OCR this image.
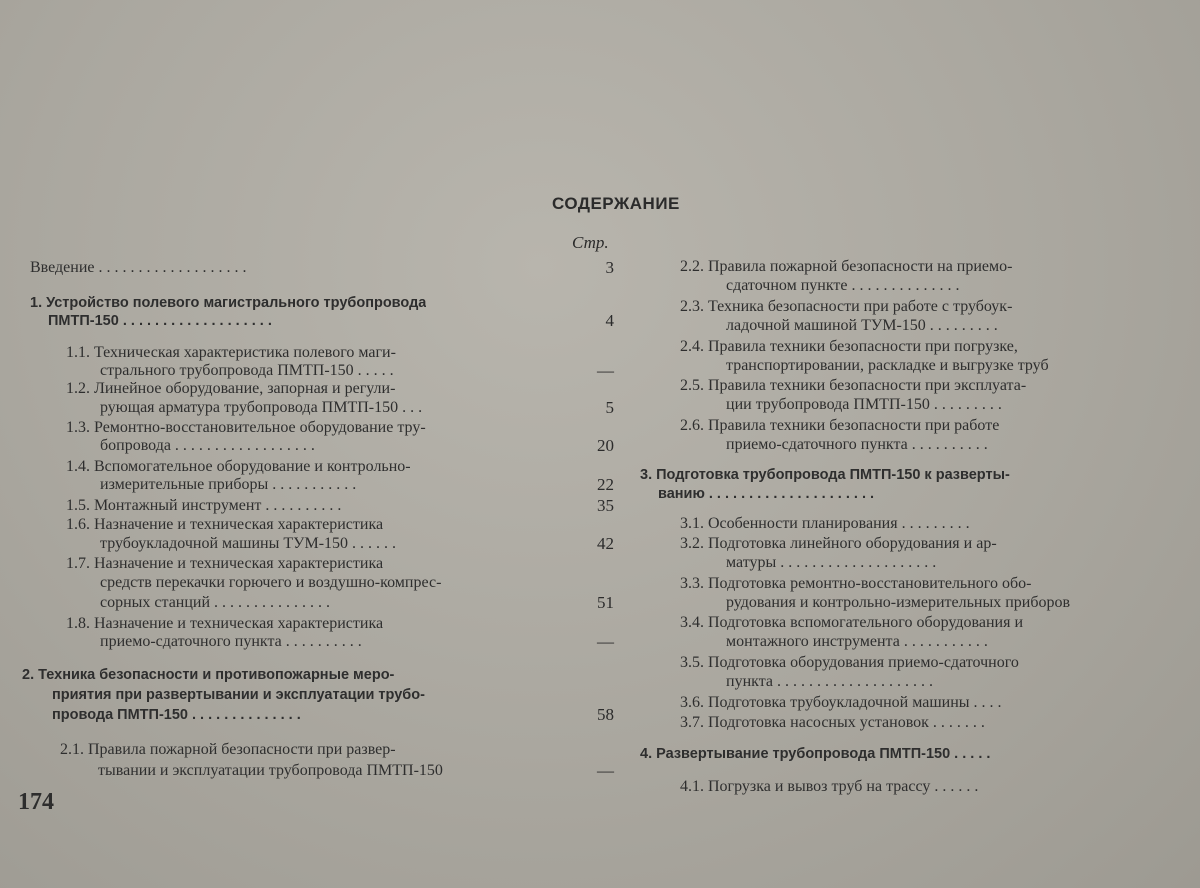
СОДЕРЖАНИЕ
Стр.
Введение . . . . . . . . . . . . . . . . . . .	3
1. Устройство полевого магистрального трубопровода
ПМТП-150 . . . . . . . . . . . . . . . . . . .	4
1.1. Техническая характеристика полевого маги-
стрального трубопровода ПМТП-150 . . . . .	—
1.2. Линейное оборудование, запорная и регули-
рующая арматура трубопровода ПМТП-150 . . .	5
1.3. Ремонтно-восстановительное оборудование тру-
бопровода . . . . . . . . . . . . . . . . . .	20
1.4. Вспомогательное оборудование и контрольно-
измерительные приборы . . . . . . . . . . .	22
1.5. Монтажный инструмент . . . . . . . . . .	35
1.6. Назначение и техническая характеристика
трубоукладочной машины ТУМ-150 . . . . . .	42
1.7. Назначение и техническая характеристика
средств перекачки горючего и воздушно-компрес-
сорных станций . . . . . . . . . . . . . . .	51
1.8. Назначение и техническая характеристика
приемо-сдаточного пункта . . . . . . . . . .	—
2. Техника безопасности и противопожарные меро-
приятия при развертывании и эксплуатации трубо-
провода ПМТП-150 . . . . . . . . . . . . . .	58
2.1. Правила пожарной безопасности при развер-
тывании и эксплуатации трубопровода ПМТП-150	—
2.2. Правила пожарной безопасности на приемо-
сдаточном пункте . . . . . . . . . . . . . .
2.3. Техника безопасности при работе с трубоук-
ладочной машиной ТУМ-150 . . . . . . . . .
2.4. Правила техники безопасности при погрузке,
транспортировании, раскладке и выгрузке труб
2.5. Правила техники безопасности при эксплуата-
ции трубопровода ПМТП-150 . . . . . . . . .
2.6. Правила техники безопасности при работе
приемо-сдаточного пункта . . . . . . . . . .
3. Подготовка трубопровода ПМТП-150 к разверты-
ванию . . . . . . . . . . . . . . . . . . . . .
3.1. Особенности планирования . . . . . . . . .
3.2. Подготовка линейного оборудования и ар-
матуры . . . . . . . . . . . . . . . . . . . .
3.3. Подготовка ремонтно-восстановительного обо-
рудования и контрольно-измерительных приборов
3.4. Подготовка вспомогательного оборудования и
монтажного инструмента . . . . . . . . . . .
3.5. Подготовка оборудования приемо-сдаточного
пункта . . . . . . . . . . . . . . . . . . . .
3.6. Подготовка трубоукладочной машины . . . .
3.7. Подготовка насосных установок . . . . . . .
4. Развертывание трубопровода ПМТП-150 . . . . .
4.1. Погрузка и вывоз труб на трассу . . . . . .
174
